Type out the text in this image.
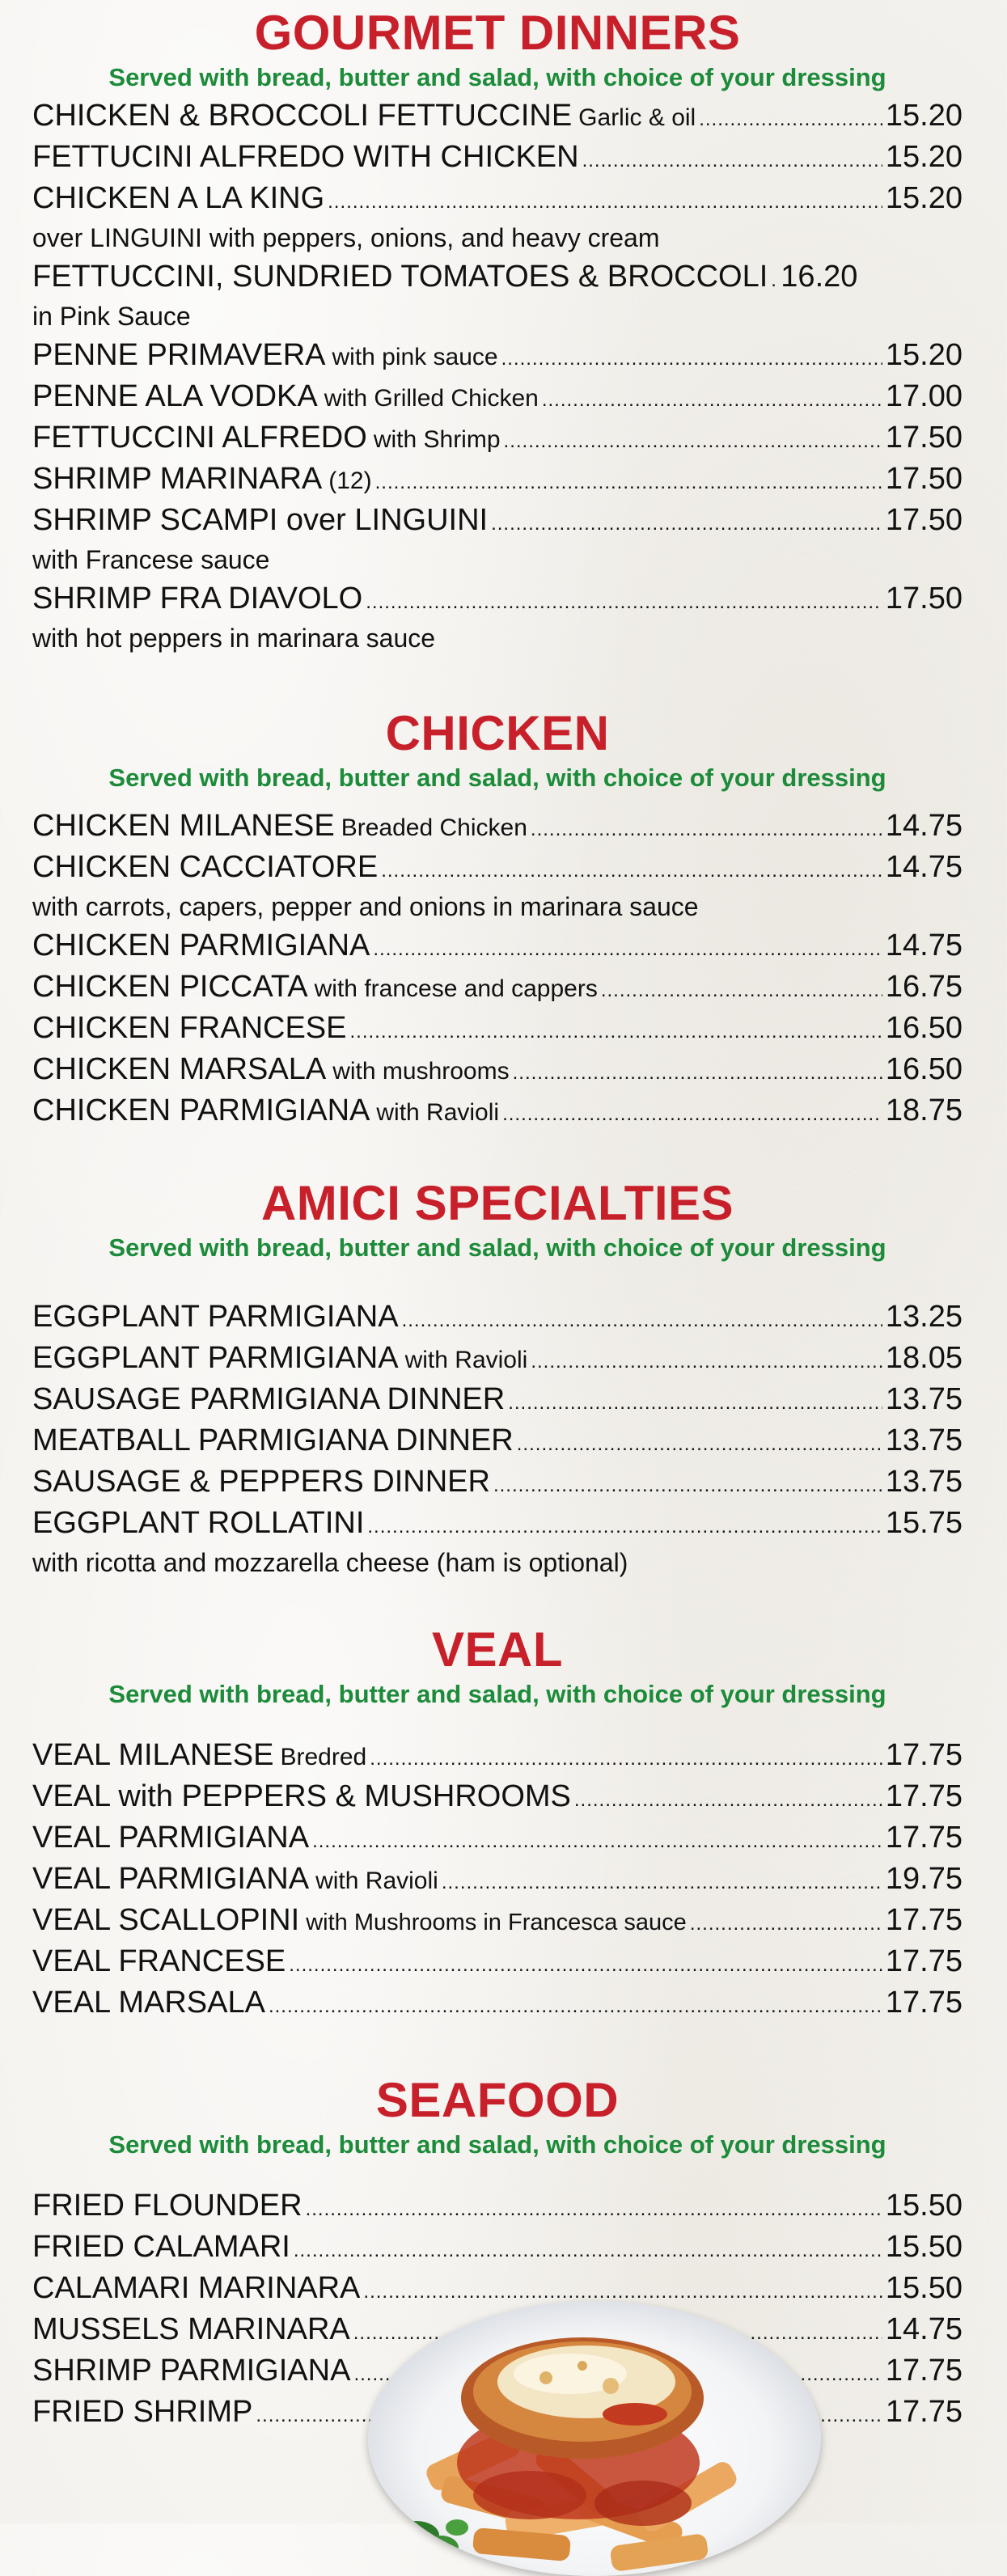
GOURMET DINNERS
Served with bread, butter and salad, with choice of your dressing
CHICKEN & BROCCOLI FETTUCCINE Garlic & oil .....	15.20
FETTUCINI ALFREDO WITH CHICKEN .....	15.20
CHICKEN A LA KING .....	15.20
over LINGUINI with peppers, onions, and heavy cream
FETTUCCINI, SUNDRIED TOMATOES & BROCCOLI ..... 16.20
in Pink Sauce
PENNE PRIMAVERA with pink sauce .....	15.20
PENNE ALA VODKA with Grilled Chicken .....	17.00
FETTUCCINI ALFREDO with Shrimp .....	17.50
SHRIMP MARINARA (12) .....	17.50
SHRIMP SCAMPI over LINGUINI .....	17.50
with Francese sauce
SHRIMP FRA DIAVOLO .....	17.50
with hot peppers in marinara sauce
CHICKEN
Served with bread, butter and salad, with choice of your dressing
CHICKEN MILANESE Breaded Chicken .....	14.75
CHICKEN CACCIATORE .....	14.75
with carrots, capers, pepper and onions in marinara sauce
CHICKEN PARMIGIANA .....	14.75
CHICKEN PICCATA with francese and cappers .....	16.75
CHICKEN FRANCESE .....	16.50
CHICKEN MARSALA with mushrooms .....	16.50
CHICKEN PARMIGIANA with Ravioli .....	18.75
AMICI SPECIALTIES
Served with bread, butter and salad, with choice of your dressing
EGGPLANT PARMIGIANA .....	13.25
EGGPLANT PARMIGIANA with Ravioli .....	18.05
SAUSAGE PARMIGIANA DINNER .....	13.75
MEATBALL PARMIGIANA DINNER .....	13.75
SAUSAGE & PEPPERS DINNER .....	13.75
EGGPLANT ROLLATINI .....	15.75
with ricotta and mozzarella cheese (ham is optional)
VEAL
Served with bread, butter and salad, with choice of your dressing
VEAL MILANESE Bredred .....	17.75
VEAL with PEPPERS & MUSHROOMS .....	17.75
VEAL PARMIGIANA .....	17.75
VEAL PARMIGIANA with Ravioli .....	19.75
VEAL SCALLOPINI with Mushrooms in Francesca sauce .....	17.75
VEAL FRANCESE .....	17.75
VEAL MARSALA .....	17.75
SEAFOOD
Served with bread, butter and salad, with choice of your dressing
FRIED FLOUNDER .....	15.50
FRIED CALAMARI .....	15.50
CALAMARI MARINARA .....	15.50
MUSSELS MARINARA .....	14.75
SHRIMP PARMIGIANA .....	17.75
FRIED SHRIMP .....	17.75
